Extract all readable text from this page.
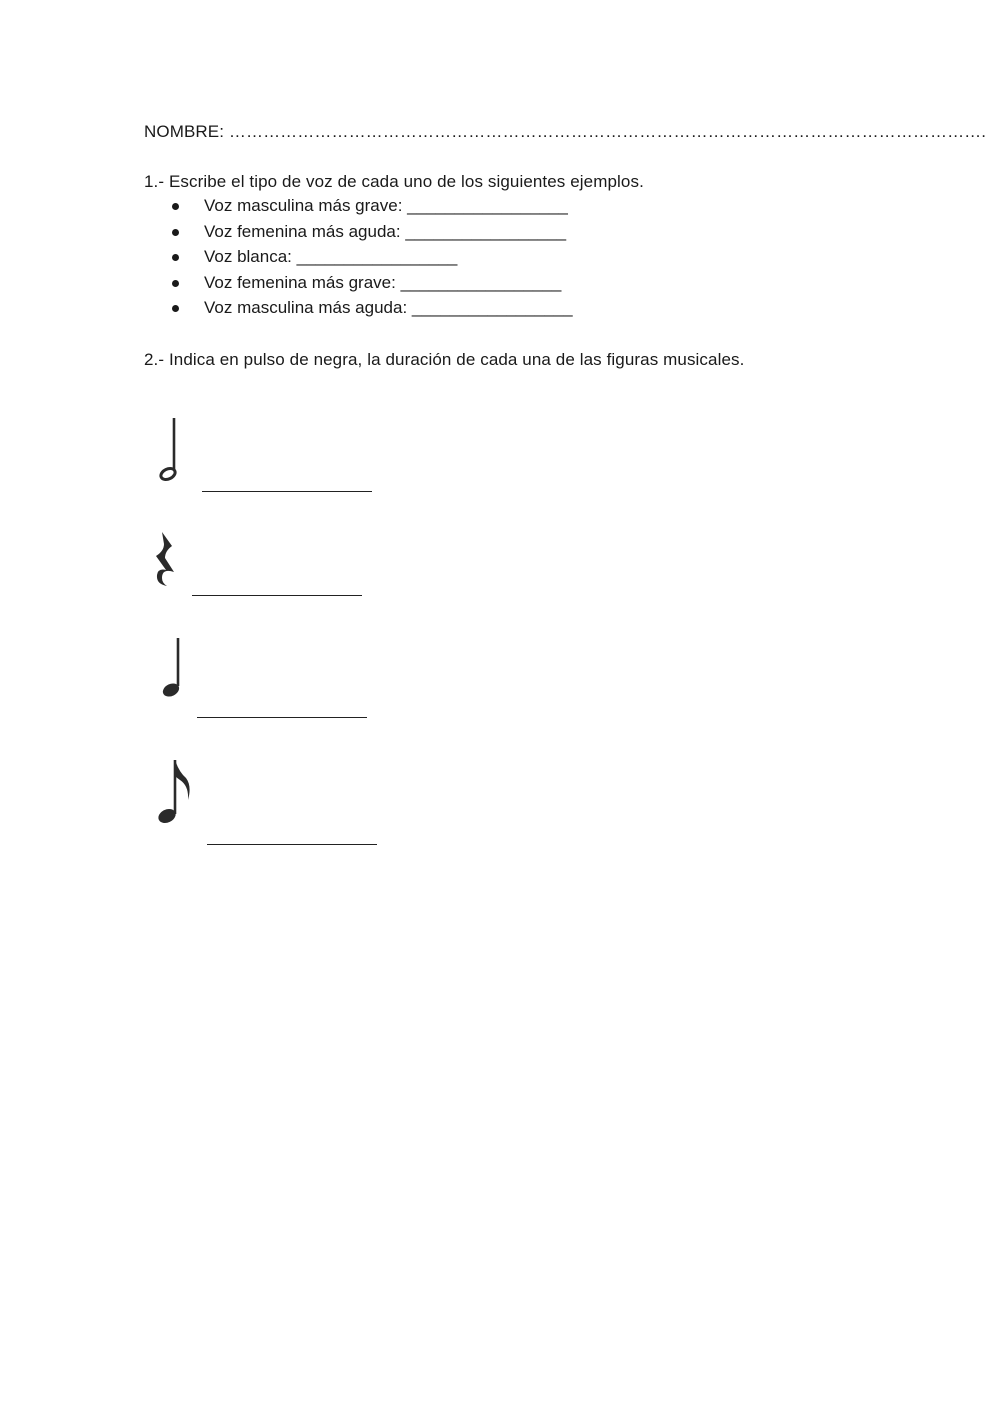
NOMBRE: …………………………………………………………………………………………………………………….
1.- Escribe el tipo de voz de cada uno de los siguientes ejemplos.
Voz masculina más grave: _________________
Voz femenina más aguda: _________________
Voz blanca: _________________
Voz femenina más grave: _________________
Voz masculina más aguda: _________________
2.- Indica en pulso de negra, la duración de cada una de las figuras musicales.
